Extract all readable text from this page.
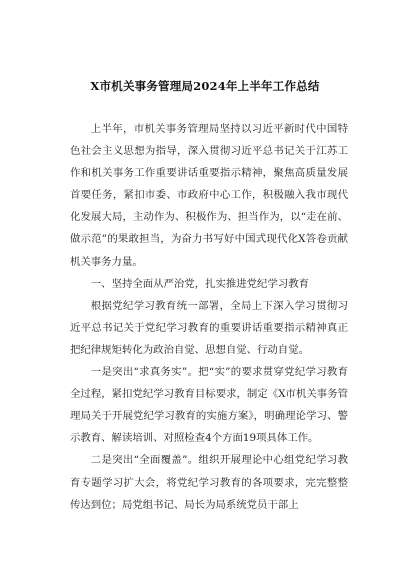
X市机关事务管理局2024年上半年工作总结

上半年，市机关事务管理局坚持以习近平新时代中国特色社会主义思想为指导，深入贯彻习近平总书记关于江苏工作和机关事务工作重要讲话重要指示精神，聚焦高质量发展首要任务，紧扣市委、市政府中心工作，积极融入我市现代化发展大局，主动作为、积极作为、担当作为，以“走在前、做示范”的果敢担当，为奋力书写好中国式现代化X答卷贡献机关事务力量。

一、坚持全面从严治党，扎实推进党纪学习教育

根据党纪学习教育统一部署，全局上下深入学习贯彻习近平总书记关于党纪学习教育的重要讲话重要指示精神真正把纪律规矩转化为政治自觉、思想自觉、行动自觉。

一是突出“求真务实”。把“实”的要求贯穿党纪学习教育全过程，紧扣党纪学习教育目标要求，制定《X市机关事务管理局关于开展党纪学习教育的实施方案》，明确理论学习、警示教育、解读培训、对照检查4个方面19项具体工作。

二是突出“全面覆盖”。组织开展理论中心组党纪学习教育专题学习扩大会，将党纪学习教育的各项要求，完完整整传达到位；局党组书记、局长为局系统党员干部上
